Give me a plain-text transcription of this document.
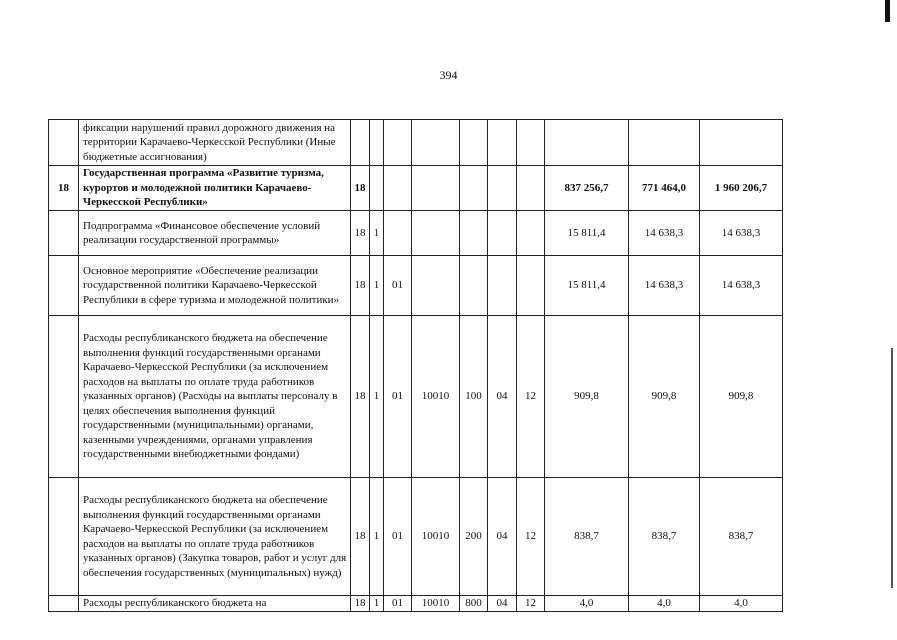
394
	фиксации нарушений правил дорожного движения на территории Карачаево-Черкесской Республики (Иные бюджетные ассигнования)										
18	Государственная программа «Развитие туризма, курортов и молодежной политики Карачаево-Черкесской Республики»	18							837 256,7	771 464,0	1 960 206,7
	Подпрограмма «Финансовое обеспечение условий реализации государственной программы»	18	1						15 811,4	14 638,3	14 638,3
	Основное мероприятие «Обеспечение реализации государственной политики Карачаево-Черкесской Республики в сфере туризма и молодежной политики»	18	1	01					15 811,4	14 638,3	14 638,3
	Расходы республиканского бюджета на обеспечение выполнения функций государственными органами Карачаево-Черкесской Республики (за исключением расходов на выплаты по оплате труда работников указанных органов) (Расходы на выплаты персоналу в целях обеспечения выполнения функций государственными (муниципальными) органами, казенными учреждениями, органами управления государственными внебюджетными фондами)	18	1	01	10010	100	04	12	909,8	909,8	909,8
	Расходы республиканского бюджета на обеспечение выполнения функций государственными органами Карачаево-Черкесской Республики (за исключением расходов на выплаты по оплате труда работников указанных органов) (Закупка товаров, работ и услуг для обеспечения государственных (муниципальных) нужд)	18	1	01	10010	200	04	12	838,7	838,7	838,7
	Расходы республиканского бюджета на	18	1	01	10010	800	04	12	4,0	4,0	4,0
